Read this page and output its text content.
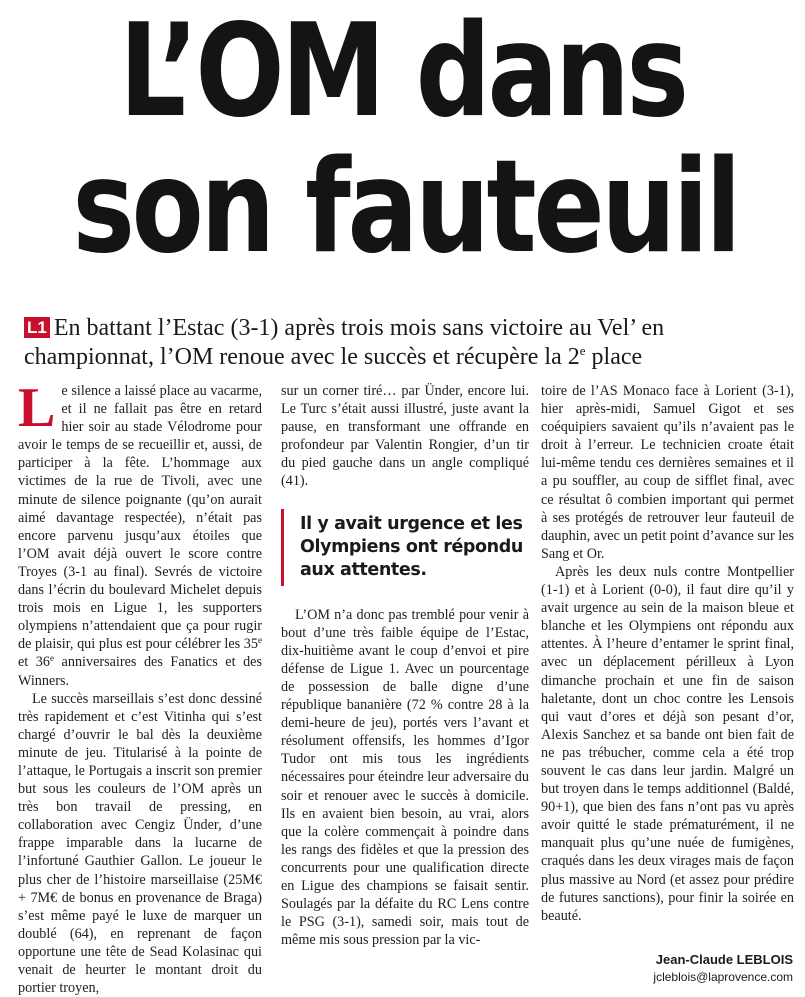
L’OM dans
son fauteuil
L1 En battant l’Estac (3-1) après trois mois sans victoire au Vel’ en championnat, l’OM renoue avec le succès et récupère la 2e place

Le silence a laissé place au vacarme, et il ne fallait pas être en retard hier soir au stade Vélodrome pour avoir le temps de se recueillir et, aussi, de participer à la fête. L’hommage aux victimes de la rue de Tivoli, avec une minute de silence poignante (qu’on aurait aimé davantage respectée), n’était pas encore parvenu jusqu’aux étoiles que l’OM avait déjà ouvert le score contre Troyes (3-1 au final). Sevrés de victoire dans l’écrin du boulevard Michelet depuis trois mois en Ligue 1, les supporters olympiens n’attendaient que ça pour rugir de plaisir, qui plus est pour célébrer les 35e et 36e anniversaires des Fanatics et des Winners.

Le succès marseillais s’est donc dessiné très rapidement et c’est Vitinha qui s’est chargé d’ouvrir le bal dès la deuxième minute de jeu. Titularisé à la pointe de l’attaque, le Portugais a inscrit son premier but sous les couleurs de l’OM après un très bon travail de pressing, en collaboration avec Cengiz Ünder, d’une frappe imparable dans la lucarne de l’infortuné Gauthier Gallon. Le joueur le plus cher de l’histoire marseillaise (25M€ + 7M€ de bonus en provenance de Braga) s’est même payé le luxe de marquer un doublé (64), en reprenant de façon opportune une tête de Sead Kolasinac qui venait de heurter le montant droit du portier troyen,

sur un corner tiré… par Ünder, encore lui. Le Turc s’était aussi illustré, juste avant la pause, en transformant une offrande en profondeur par Valentin Rongier, d’un tir du pied gauche dans un angle compliqué (41).

Il y avait urgence et les Olympiens ont répondu aux attentes.

L’OM n’a donc pas tremblé pour venir à bout d’une très faible équipe de l’Estac, dix-huitième avant le coup d’envoi et pire défense de Ligue 1. Avec un pourcentage de possession de balle digne d’une république bananière (72 % contre 28 à la demi-heure de jeu), portés vers l’avant et résolument offensifs, les hommes d’Igor Tudor ont mis tous les ingrédients nécessaires pour éteindre leur adversaire du soir et renouer avec le succès à domicile. Ils en avaient bien besoin, au vrai, alors que la colère commençait à poindre dans les rangs des fidèles et que la pression des concurrents pour une qualification directe en Ligue des champions se faisait sentir. Soulagés par la défaite du RC Lens contre le PSG (3-1), samedi soir, mais tout de même mis sous pression par la vic-

toire de l’AS Monaco face à Lorient (3-1), hier après-midi, Samuel Gigot et ses coéquipiers savaient qu’ils n’avaient pas le droit à l’erreur. Le technicien croate était lui-même tendu ces dernières semaines et il a pu souffler, au coup de sifflet final, avec ce résultat ô combien important qui permet à ses protégés de retrouver leur fauteuil de dauphin, avec un petit point d’avance sur les Sang et Or.

Après les deux nuls contre Montpellier (1-1) et à Lorient (0-0), il faut dire qu’il y avait urgence au sein de la maison bleue et blanche et les Olympiens ont répondu aux attentes. À l’heure d’entamer le sprint final, avec un déplacement périlleux à Lyon dimanche prochain et une fin de saison haletante, dont un choc contre les Lensois qui vaut d’ores et déjà son pesant d’or, Alexis Sanchez et sa bande ont bien fait de ne pas trébucher, comme cela a été trop souvent le cas dans leur jardin. Malgré un but troyen dans le temps additionnel (Baldé, 90+1), que bien des fans n’ont pas vu après avoir quitté le stade prématurément, il ne manquait plus qu’une nuée de fumigènes, craqués dans les deux virages mais de façon plus massive au Nord (et assez pour prédire de futures sanctions), pour finir la soirée en beauté.

Jean-Claude LEBLOIS
jcleblois@laprovence.com
